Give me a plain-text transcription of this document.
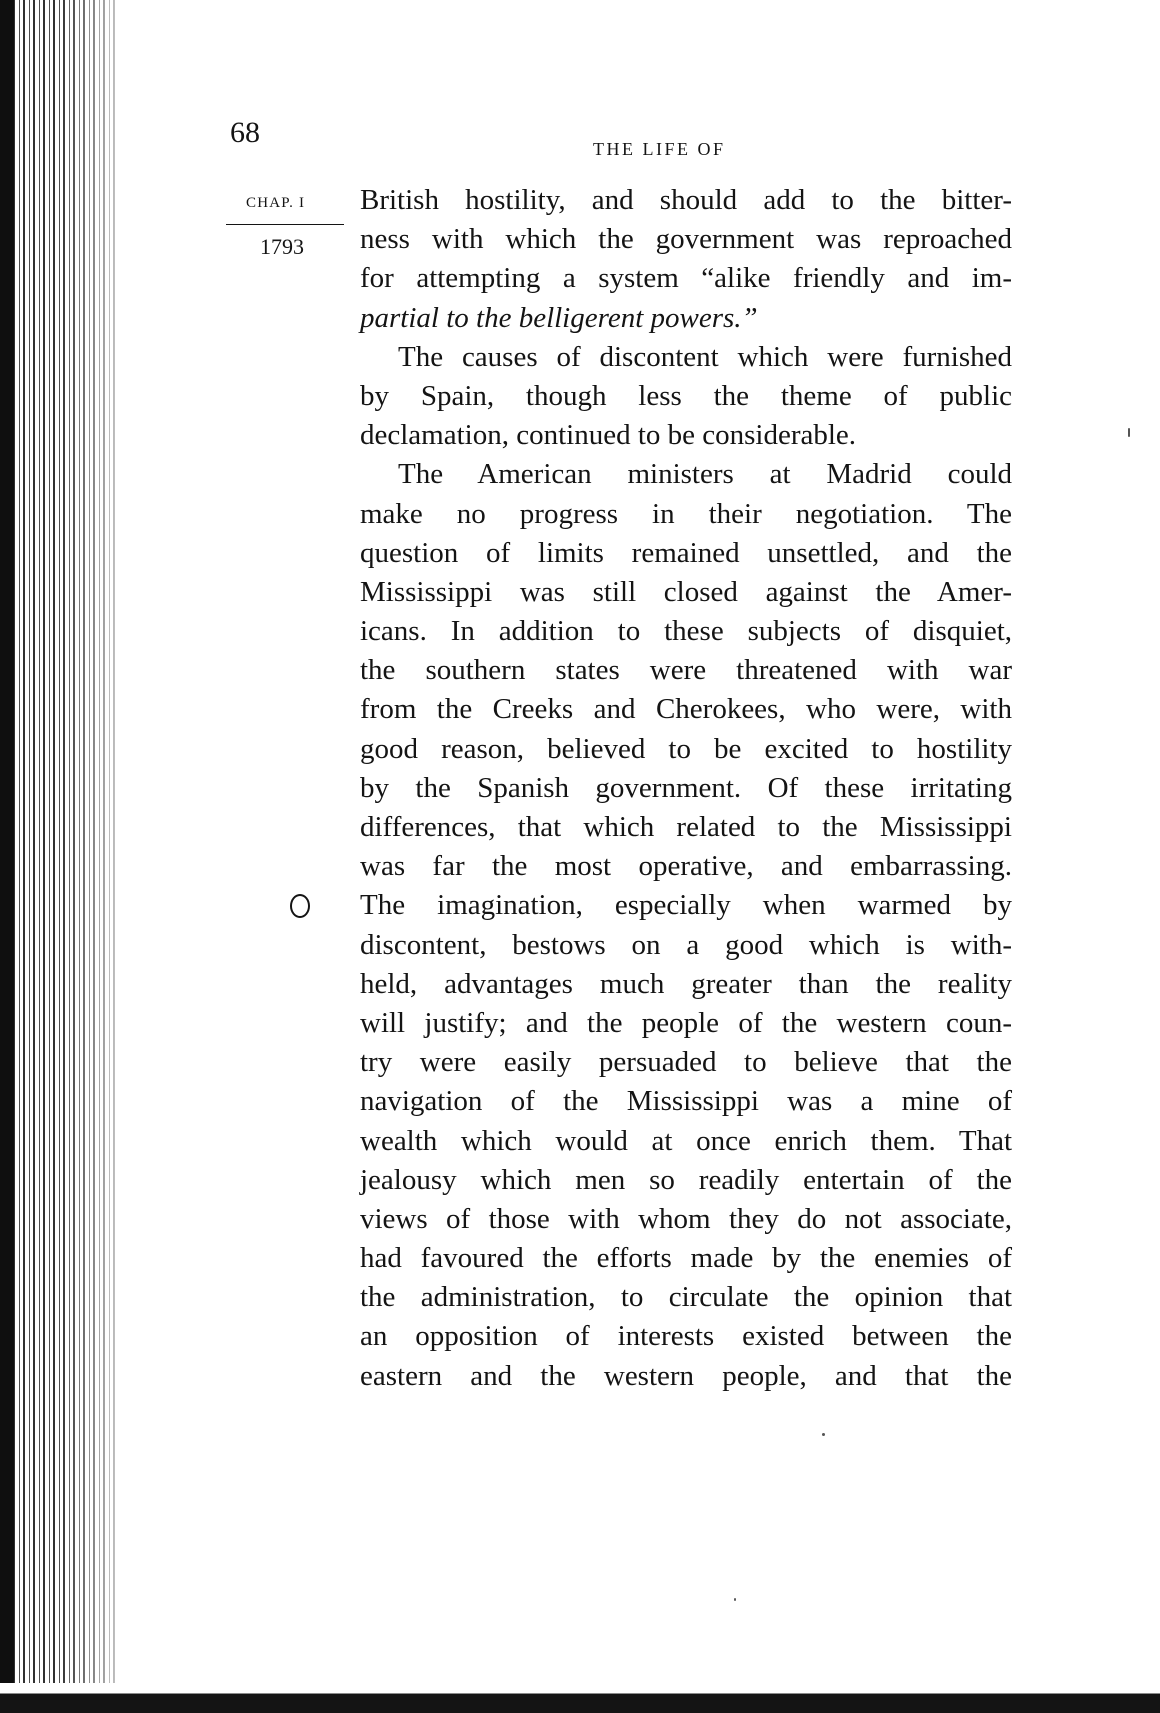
68	THE LIFE OF
CHAP. I
1793
British hostility, and should add to the bitter-
ness with which the government was reproached
for attempting a system “alike friendly and im-
partial to the belligerent powers.”
The causes of discontent which were furnished
by Spain, though less the theme of public
declamation, continued to be considerable.
The American ministers at Madrid could
make no progress in their negotiation. The
question of limits remained unsettled, and the
Mississippi was still closed against the Amer-
icans. In addition to these subjects of disquiet,
the southern states were threatened with war
from the Creeks and Cherokees, who were, with
good reason, believed to be excited to hostility
by the Spanish government. Of these irritating
differences, that which related to the Mississippi
was far the most operative, and embarrassing.
The imagination, especially when warmed by
discontent, bestows on a good which is with-
held, advantages much greater than the reality
will justify; and the people of the western coun-
try were easily persuaded to believe that the
navigation of the Mississippi was a mine of
wealth which would at once enrich them. That
jealousy which men so readily entertain of the
views of those with whom they do not associate,
had favoured the efforts made by the enemies of
the administration, to circulate the opinion that
an opposition of interests existed between the
eastern and the western people, and that the
